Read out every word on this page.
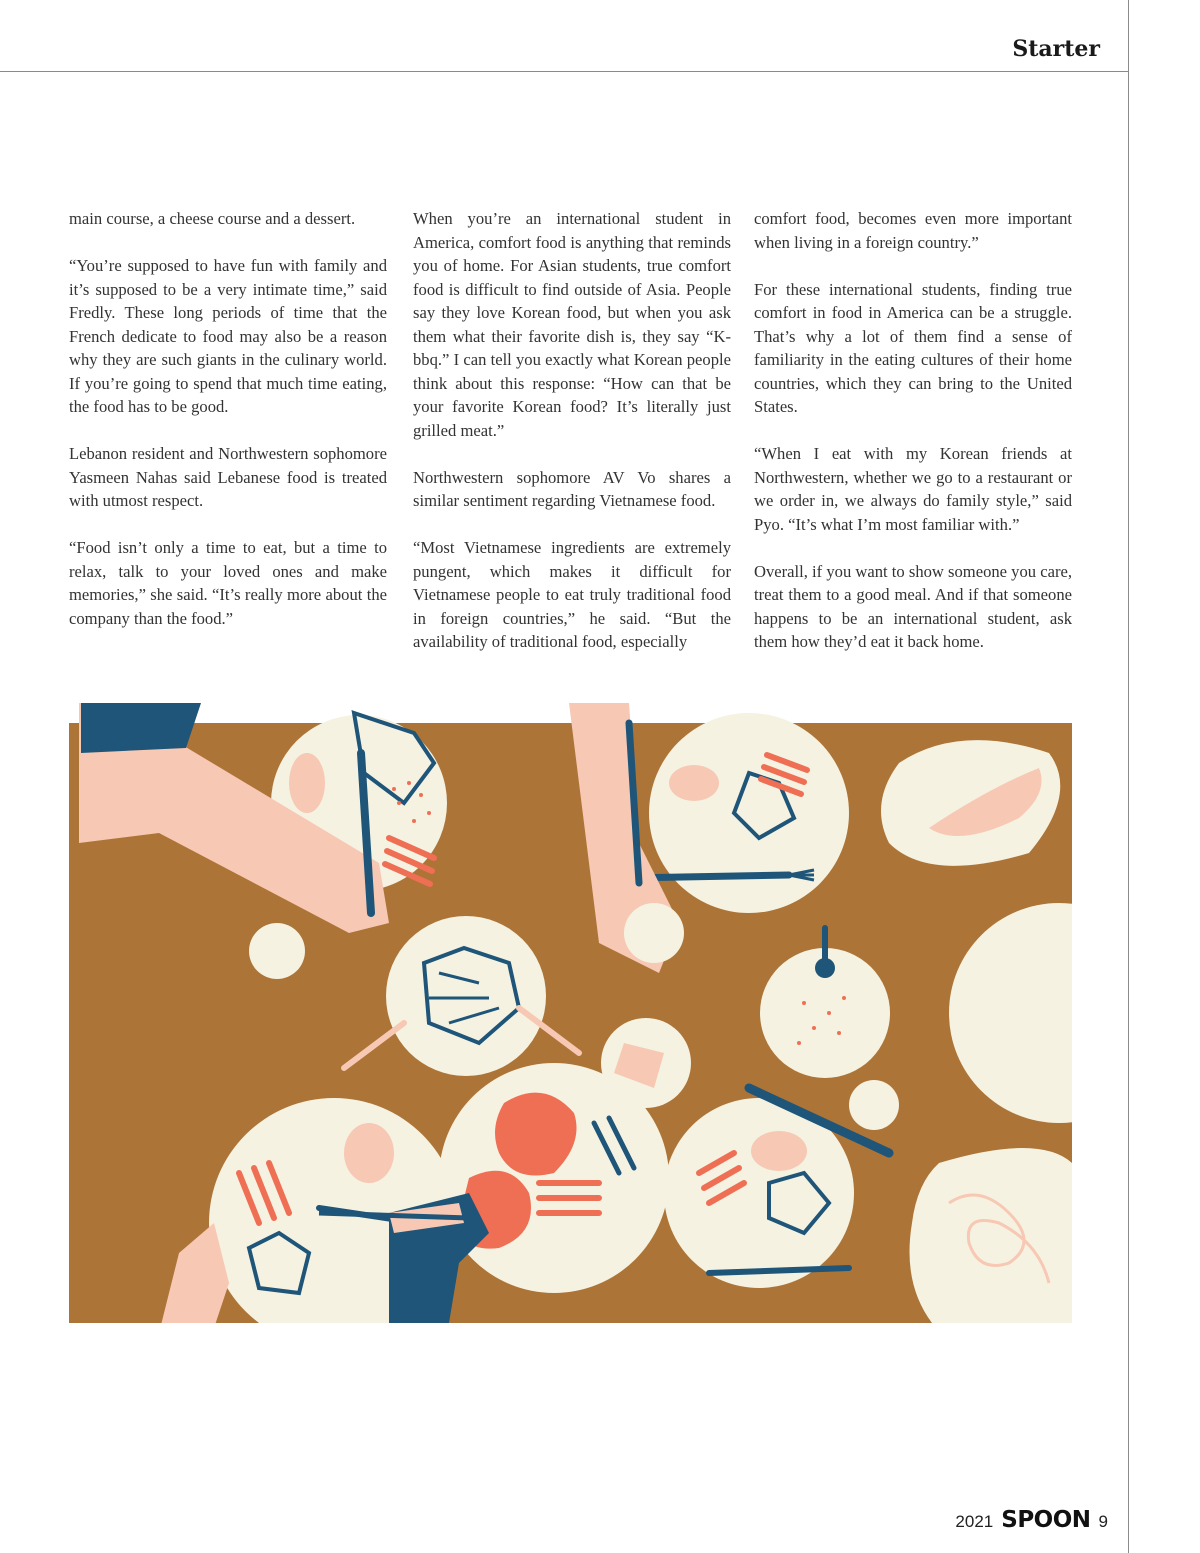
Starter

main course, a cheese course and a dessert.

“You’re supposed to have fun with family and it’s supposed to be a very intimate time,” said Fredly. These long periods of time that the French dedicate to food may also be a reason why they are such giants in the culinary world. If you’re going to spend that much time eating, the food has to be good.

Lebanon resident and Northwestern sophomore Yasmeen Nahas said Lebanese food is treated with utmost respect.

“Food isn’t only a time to eat, but a time to relax, talk to your loved ones and make memories,” she said. “It’s really more about the company than the food.”

When you’re an international student in America, comfort food is anything that reminds you of home. For Asian students, true comfort food is difficult to find outside of Asia. People say they love Korean food, but when you ask them what their favorite dish is, they say “K-bbq.” I can tell you exactly what Korean people think about this response: “How can that be your favorite Korean food? It’s literally just grilled meat.”

Northwestern sophomore AV Vo shares a similar sentiment regarding Vietnamese food.

“Most Vietnamese ingredients are extremely pungent, which makes it difficult for Vietnamese people to eat truly traditional food in foreign countries,” he said. “But the availability of traditional food, especially

comfort food, becomes even more important when living in a foreign country.”

For these international students, finding true comfort in food in America can be a struggle. That’s why a lot of them find a sense of familiarity in the eating cultures of their home countries, which they can bring to the United States.

“When I eat with my Korean friends at Northwestern, whether we go to a restaurant or we order in, we always do family style,” said Pyo. “It’s what I’m most familiar with.”

Overall, if you want to show someone you care, treat them to a good meal. And if that someone happens to be an international student, ask them how they’d eat it back home.

2021 SPOON 9
